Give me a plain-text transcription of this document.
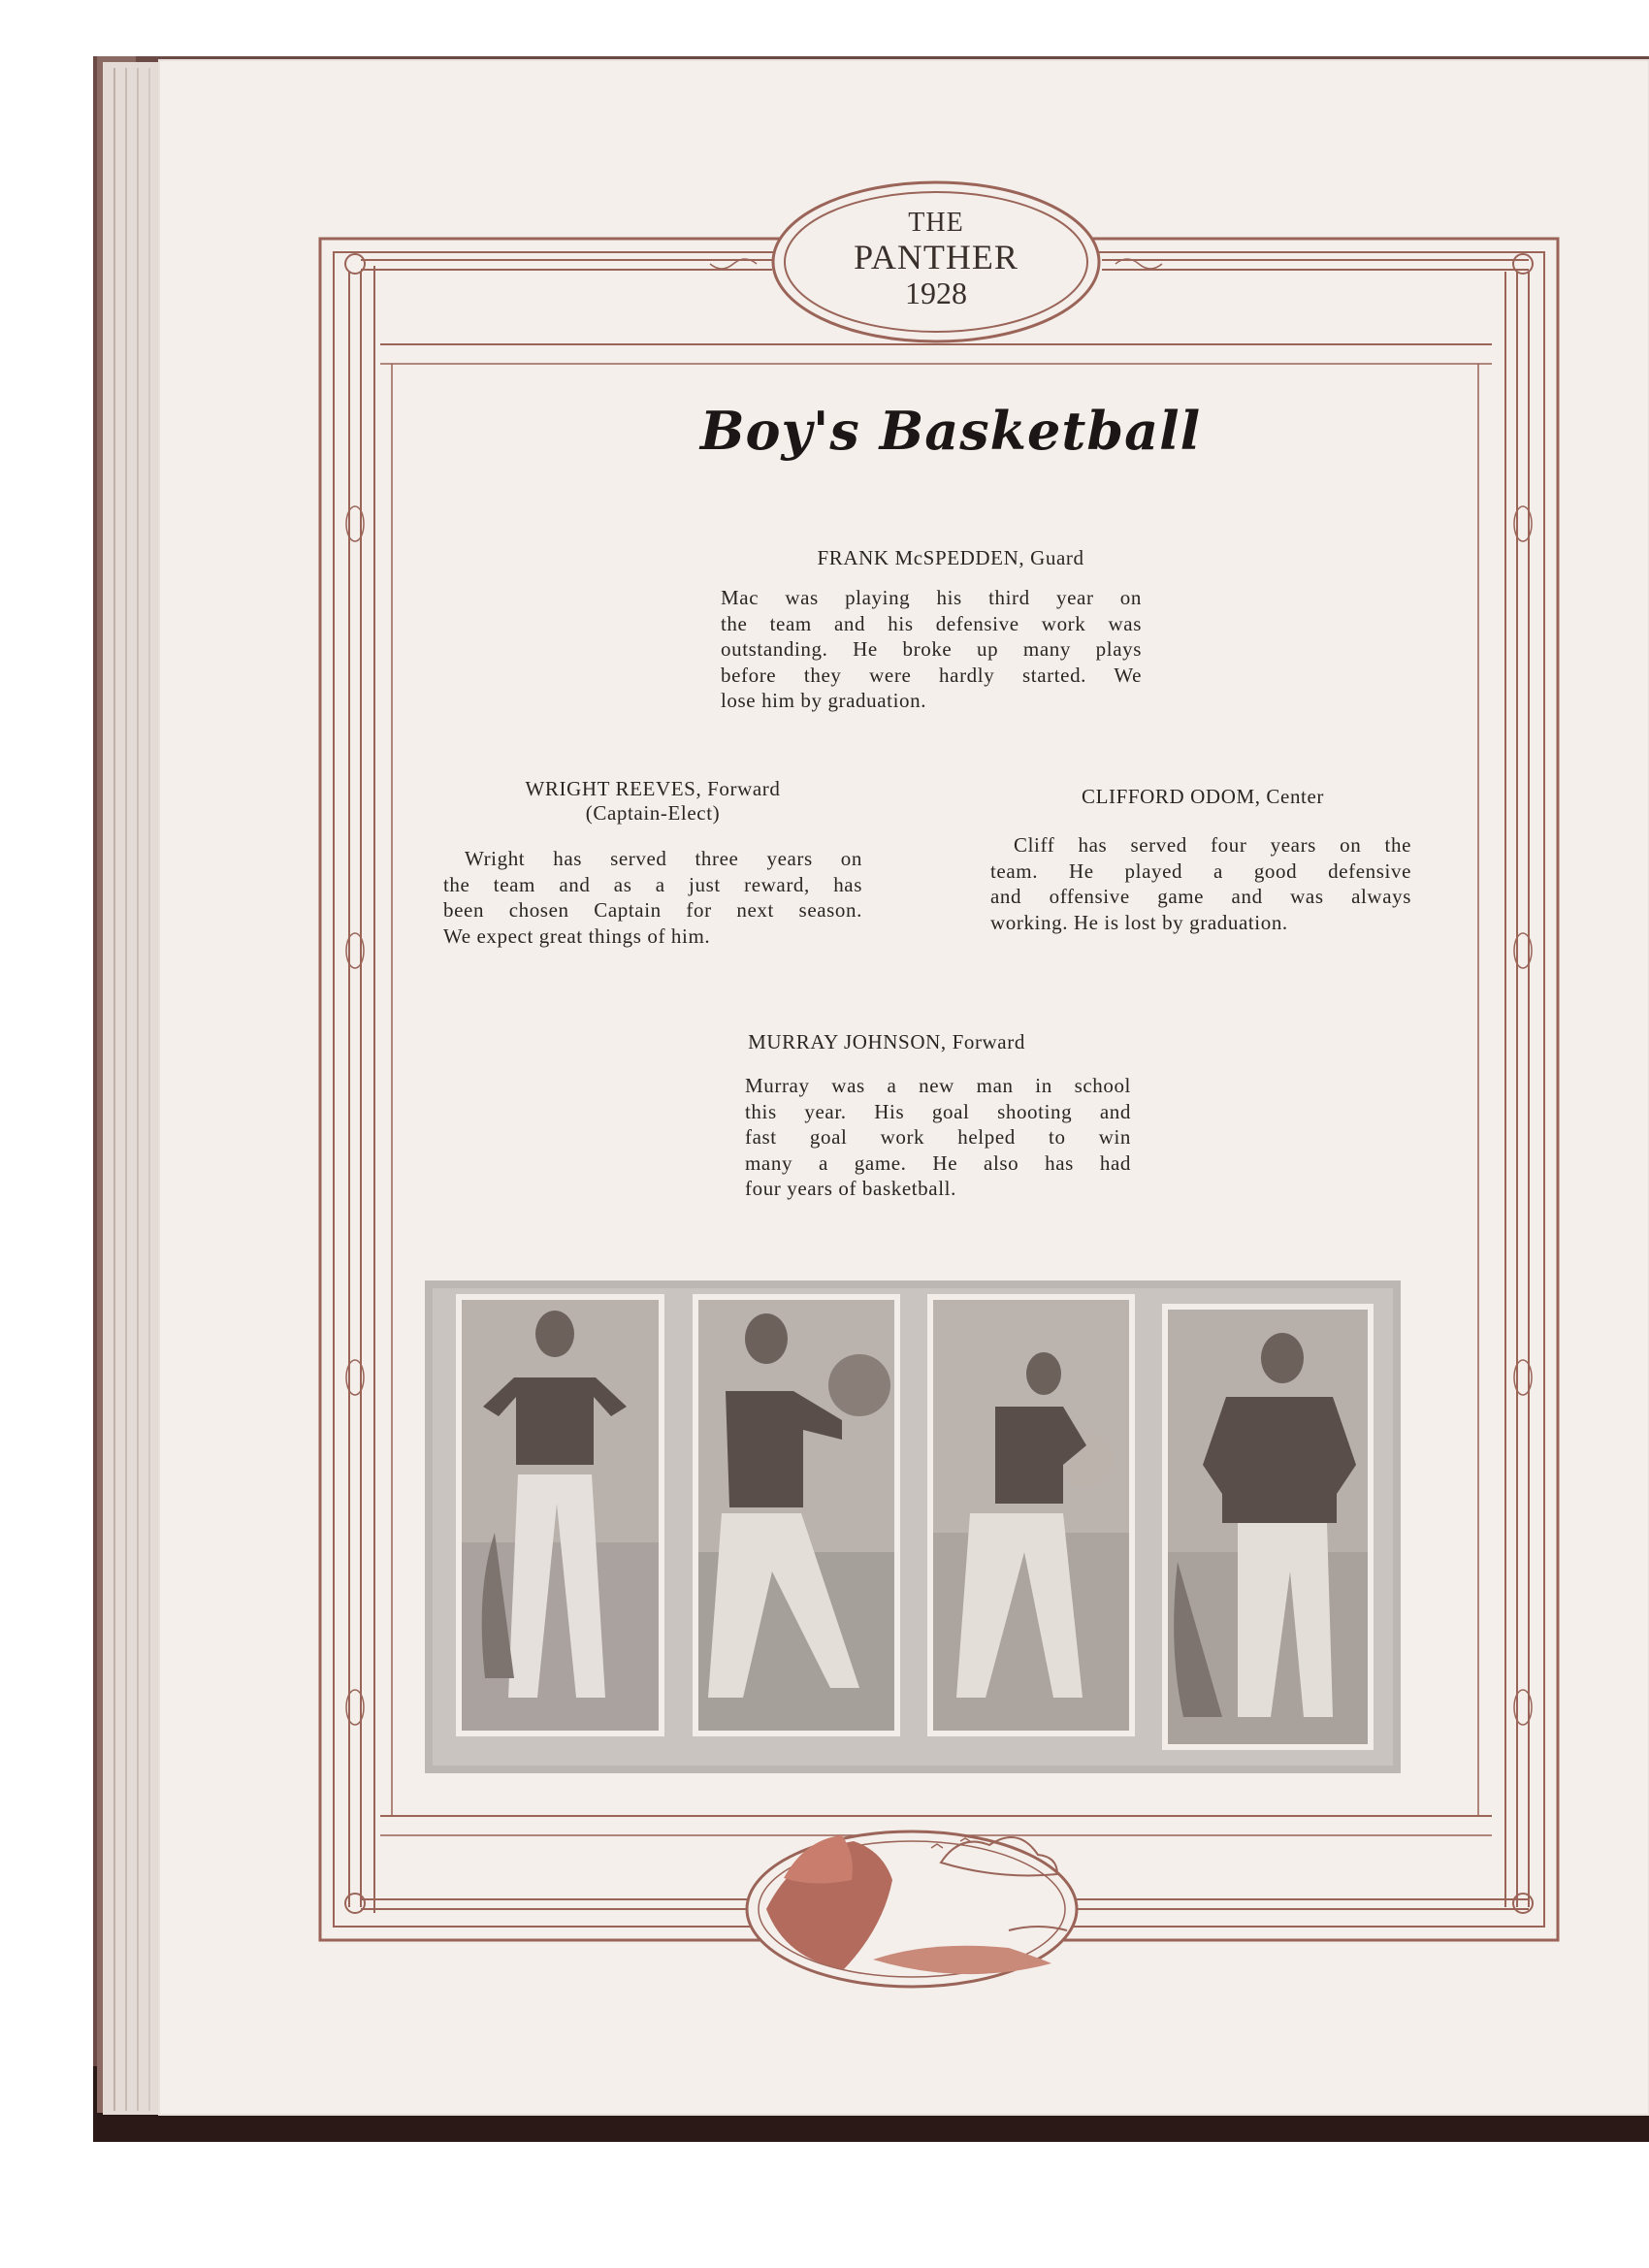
THE
PANTHER
1928
Boy's Basketball
FRANK McSPEDDEN, Guard
Mac was playing his third year on
the team and his defensive work was
outstanding. He broke up many plays
before they were hardly started. We
lose him by graduation.
WRIGHT REEVES, Forward
(Captain-Elect)
Wright has served three years on
the team and as a just reward, has
been chosen Captain for next season.
We expect great things of him.
CLIFFORD ODOM, Center
Cliff has served four years on the
team. He played a good defensive
and offensive game and was always
working. He is lost by graduation.
MURRAY JOHNSON, Forward
Murray was a new man in school
this year. His goal shooting and
fast goal work helped to win
many a game. He also has had
four years of basketball.
